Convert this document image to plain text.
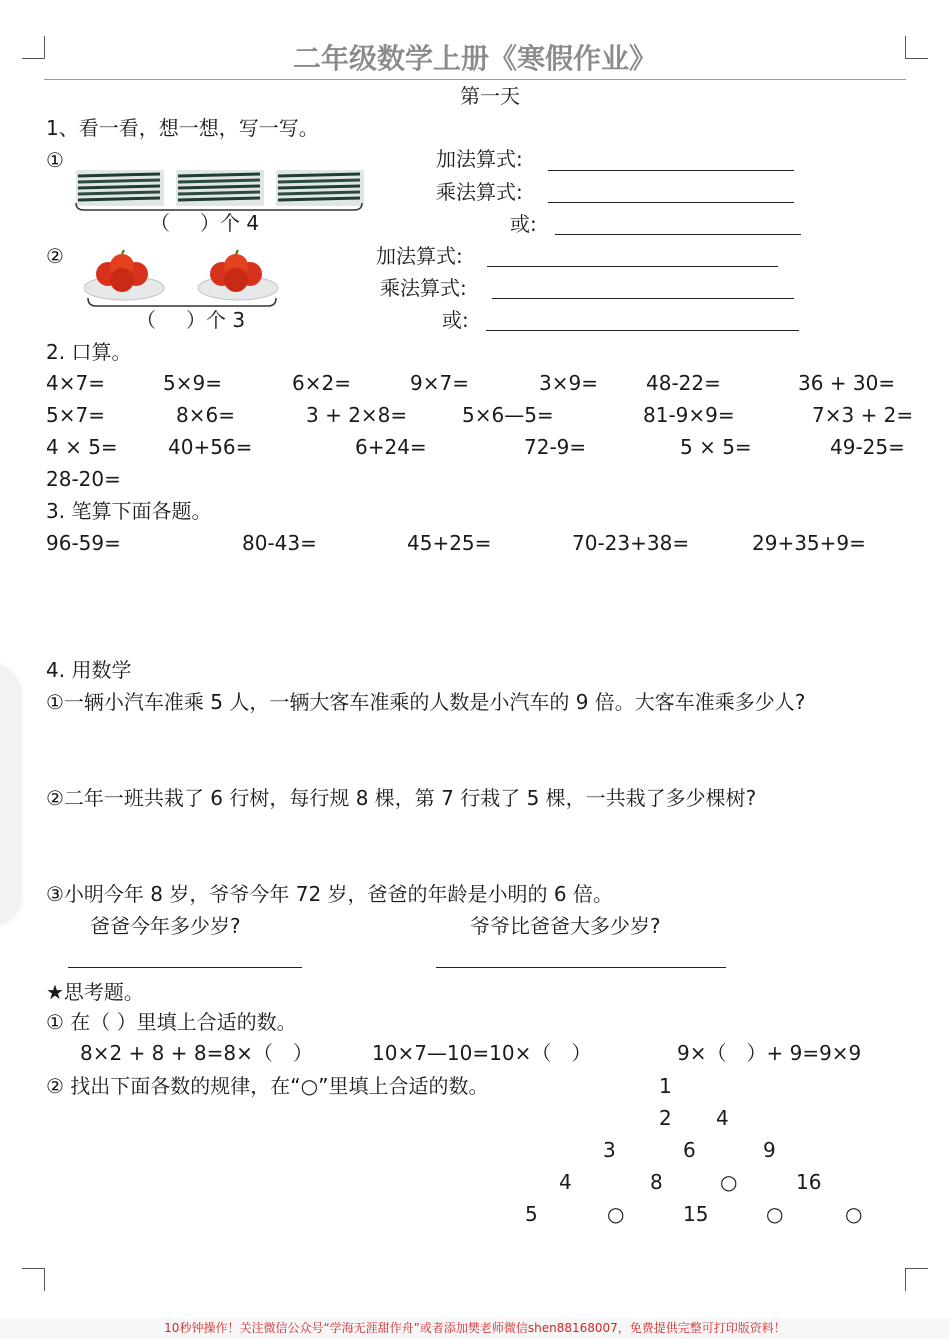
二年级数学上册《寒假作业》
第一天
1、看一看，想一想，写一写。
①
（ ）个 4
加法算式:
乘法算式:
或:
②
（ ）个 3
加法算式:
乘法算式:
或:
2. 口算。
4×7=	5×9=	6×2=	9×7=	3×9= 48-22=	36 + 30=
5×7=	8×6=	3 + 2×8=	5×6—5=	81-9×9=	7×3 + 2=
4 × 5=	40+56=	6+24=	72-9=	5 × 5=	49-25=
28-20=
3. 笔算下面各题。
96-59=	80-43=	45+25=	70-23+38=	29+35+9=
4. 用数学
①一辆小汽车准乘 5 人，一辆大客车准乘的人数是小汽车的 9 倍。大客车准乘多少人?
②二年一班共栽了 6 行树，每行规 8 棵，第 7 行栽了 5 棵，一共栽了多少棵树?
③小明今年 8 岁，爷爷今年 72 岁，爸爸的年龄是小明的 6 倍。
爸爸今年多少岁?	爷爷比爸爸大多少岁?
★思考题。
① 在（ ）里填上合适的数。
8×2 + 8 + 8=8×（　）	10×7—10=10×（　）	9×（　）+ 9=9×9
② 找出下面各数的规律，在“○”里填上合适的数。	1
2 4
3	6	9
4	8	○	16
5	○	15	○	○
10秒钟操作！关注微信公众号“学海无涯甜作舟”或者添加樊老师微信shen88168007，免费提供完整可打印版资料！
